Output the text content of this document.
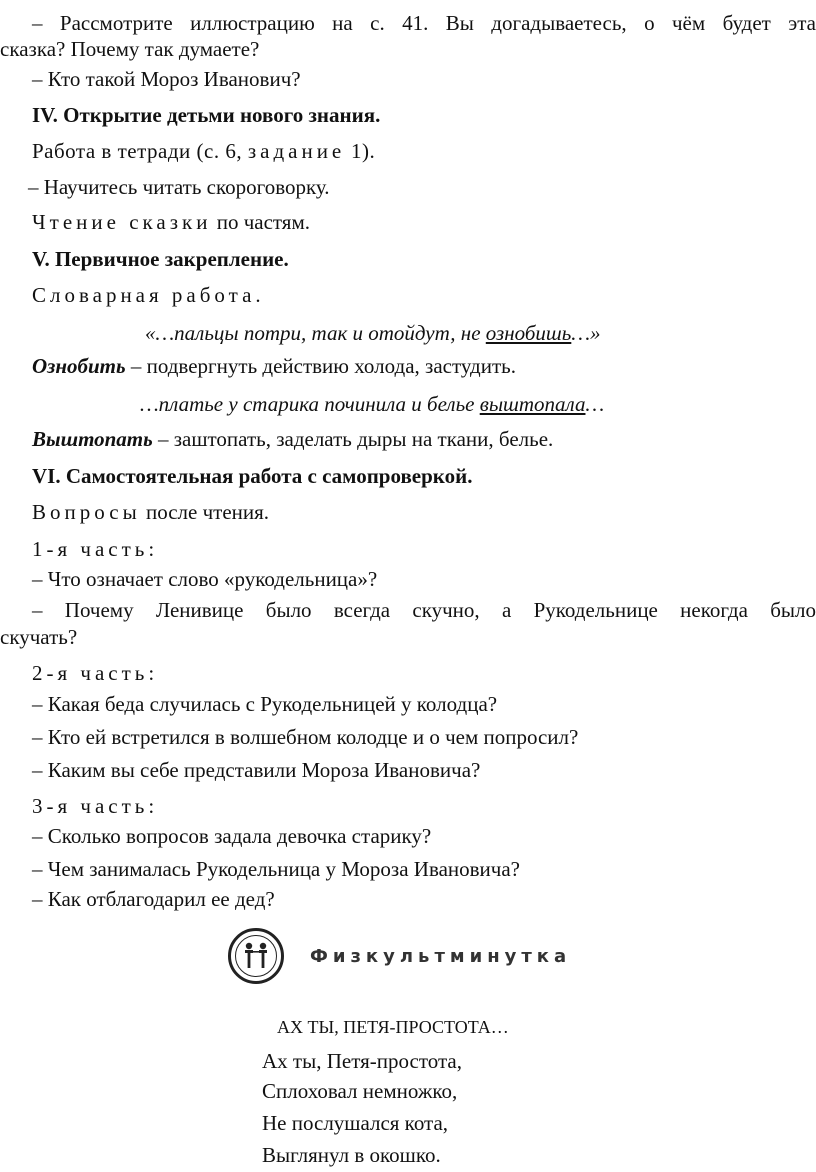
– Рассмотрите иллюстрацию на с. 41. Вы догадываетесь, о чём будет эта

сказка? Почему так думаете?

– Кто такой Мороз Иванович?

IV. Открытие детьми нового знания.

Работа в тетради (с. 6, задание 1).

– Научитесь читать скороговорку.

Чтение сказки по частям.

V. Первичное закрепление.

Словарная работа.

«…пальцы потри, так и отойдут, не ознобишь…»

Ознобить – подвергнуть действию холода, застудить.

…платье у старика починила и белье выштопала…

Выштопать – заштопать, заделать дыры на ткани, белье.

VI. Самостоятельная работа с самопроверкой.

Вопросы после чтения.

1-я часть:

– Что означает слово «рукодельница»?

– Почему Ленивице было всегда скучно, а Рукодельнице некогда было

скучать?

2-я часть:

– Какая беда случилась с Рукодельницей у колодца?

– Кто ей встретился в волшебном колодце и о чем попросил?

– Каким вы себе представили Мороза Ивановича?

3-я часть:

– Сколько вопросов задала девочка старику?

– Чем занималась Рукодельница у Мороза Ивановича?

– Как отблагодарил ее дед?

Физкультминутка

АХ ТЫ, ПЕТЯ-ПРОСТОТА…

Ах ты, Петя-простота,

Сплоховал немножко,

Не послушался кота,

Выглянул в окошко.
